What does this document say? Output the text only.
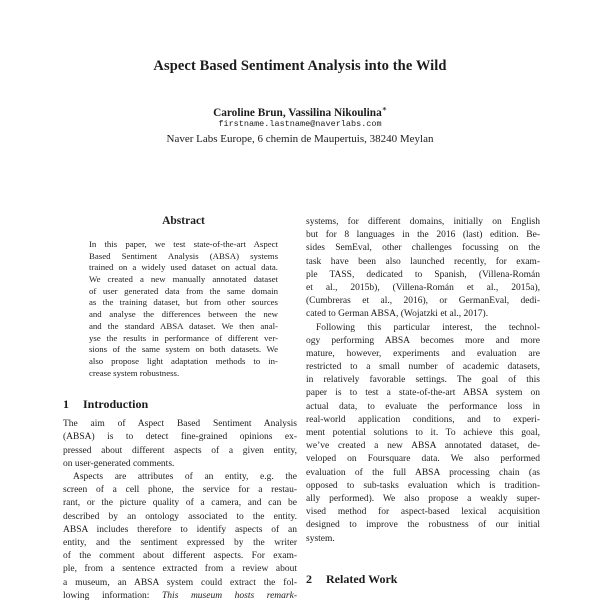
Aspect Based Sentiment Analysis into the Wild
Caroline Brun, Vassilina Nikoulina∗
firstname.lastname@naverlabs.com
Naver Labs Europe, 6 chemin de Maupertuis, 38240 Meylan
Abstract
In this paper, we test state-of-the-art Aspect
Based Sentiment Analysis (ABSA) systems
trained on a widely used dataset on actual data.
We created a new manually annotated dataset
of user generated data from the same domain
as the training dataset, but from other sources
and analyse the differences between the new
and the standard ABSA dataset. We then anal-
yse the results in performance of different ver-
sions of the same system on both datasets. We
also propose light adaptation methods to in-
crease system robustness.
1 Introduction
The aim of Aspect Based Sentiment Analysis
(ABSA) is to detect fine-grained opinions ex-
pressed about different aspects of a given entity,
on user-generated comments.
Aspects are attributes of an entity, e.g. the
screen of a cell phone, the service for a restau-
rant, or the picture quality of a camera, and can be
described by an ontology associated to the entity.
ABSA includes therefore to identify aspects of an
entity, and the sentiment expressed by the writer
of the comment about different aspects. For exam-
ple, from a sentence extracted from a review about
a museum, an ABSA system could extract the fol-
lowing information: This museum hosts remark-
systems, for different domains, initially on English
but for 8 languages in the 2016 (last) edition. Be-
sides SemEval, other challenges focussing on the
task have been also launched recently, for exam-
ple TASS, dedicated to Spanish, (Villena-Román
et al., 2015b), (Villena-Román et al., 2015a),
(Cumbreras et al., 2016), or GermanEval, dedi-
cated to German ABSA, (Wojatzki et al., 2017).
Following this particular interest, the technol-
ogy performing ABSA becomes more and more
mature, however, experiments and evaluation are
restricted to a small number of academic datasets,
in relatively favorable settings. The goal of this
paper is to test a state-of-the-art ABSA system on
actual data, to evaluate the performance loss in
real-world application conditions, and to experi-
ment potential solutions to it. To achieve this goal,
we’ve created a new ABSA annotated dataset, de-
veloped on Foursquare data. We also performed
evaluation of the full ABSA processing chain (as
opposed to sub-tasks evaluation which is tradition-
ally performed). We also propose a weakly super-
vised method for aspect-based lexical acquisition
designed to improve the robustness of our initial
system.
2 Related Work
